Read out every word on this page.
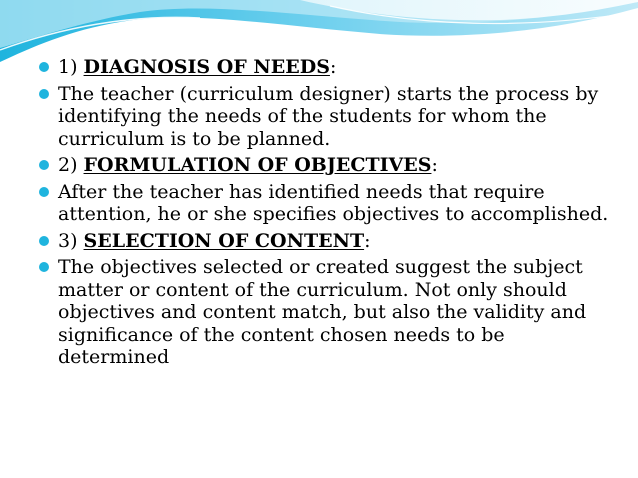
1) DIAGNOSIS OF NEEDS:
The teacher (curriculum designer) starts the process by identifying the needs of the students for whom the curriculum is to be planned.
2) FORMULATION OF OBJECTIVES:
After the teacher has identified needs that require attention, he or she specifies objectives to accomplished.
3) SELECTION OF CONTENT:
The objectives selected or created suggest the subject matter or content of the curriculum. Not only should objectives and content match, but also the validity and significance of the content chosen needs to be determined
